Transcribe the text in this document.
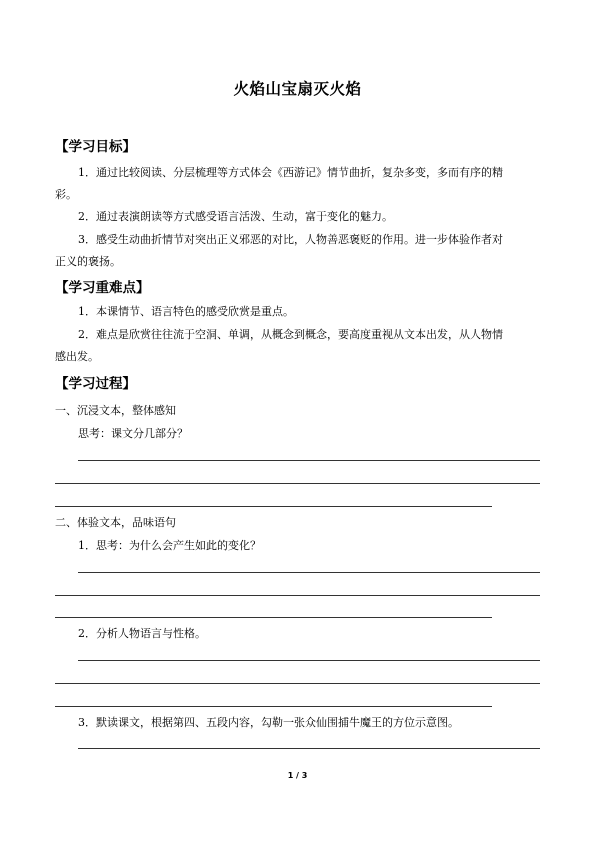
火焰山宝扇灭火焰
【学习目标】
1．通过比较阅读、分层梳理等方式体会《西游记》情节曲折，复杂多变，多而有序的精
彩。
2．通过表演朗读等方式感受语言活泼、生动，富于变化的魅力。
3．感受生动曲折情节对突出正义邪恶的对比，人物善恶褒贬的作用。进一步体验作者对
正义的褒扬。
【学习重难点】
1．本课情节、语言特色的感受欣赏是重点。
2．难点是欣赏往往流于空洞、单调，从概念到概念，要高度重视从文本出发，从人物情
感出发。
【学习过程】
一、沉浸文本，整体感知
思考：课文分几部分？
二、体验文本，品味语句
1．思考：为什么会产生如此的变化？
2．分析人物语言与性格。
3．默读课文，根据第四、五段内容，勾勒一张众仙围捕牛魔王的方位示意图。
1 / 3
